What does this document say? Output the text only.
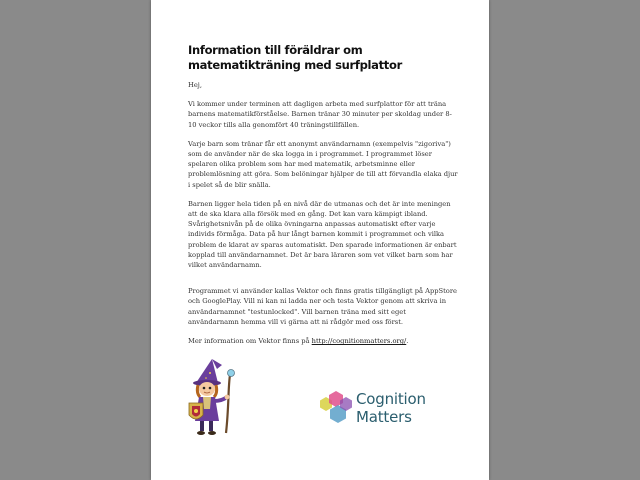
Information till föräldrar om matematikträning med surfplattor

Hej,

Vi kommer under terminen att dagligen arbeta med surfplattor för att träna barnens matematikförståelse. Barnen tränar 30 minuter per skoldag under 8-10 veckor tills alla genomfört 40 träningstillfällen.

Varje barn som tränar får ett anonymt användarnamn (exempelvis "zigoriva") som de använder när de ska logga in i programmet. I programmet löser spelaren olika problem som har med matematik, arbetsminne eller problemlösning att göra. Som belöningar hjälper de till att förvandla elaka djur i spelet så de blir snälla.

Barnen ligger hela tiden på en nivå där de utmanas och det är inte meningen att de ska klara alla försök med en gång. Det kan vara kämpigt ibland. Svårighetsnivån på de olika övningarna anpassas automatiskt efter varje individs förmåga. Data på hur långt barnen kommit i programmet och vilka problem de klarat av sparas automatiskt. Den sparade informationen är enbart kopplad till användarnamnet. Det är bara läraren som vet vilket barn som har vilket användarnamn.

Programmet vi använder kallas Vektor och finns gratis tillgängligt på AppStore och GooglePlay. Vill ni kan ni ladda ner och testa Vektor genom att skriva in användarnamnet "testunlocked". Vill barnen träna med sitt eget användarnamn hemma vill vi gärna att ni rådgör med oss först.

Mer information om Vektor finns på http://cognitionmatters.org/.

Cognition
Matters
